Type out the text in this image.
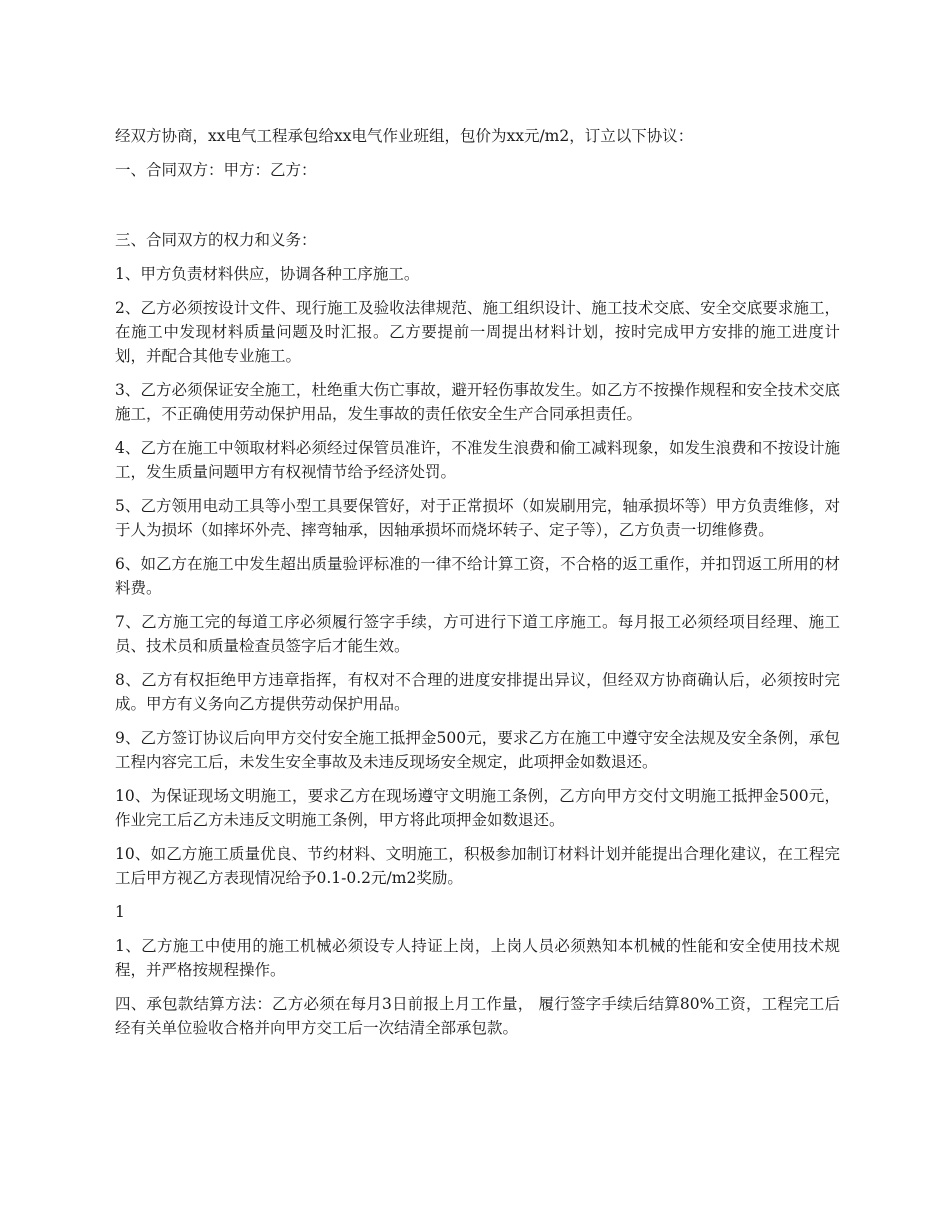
经双方协商，xx电气工程承包给xx电气作业班组，包价为xx元/m2，订立以下协议：

一、合同双方：甲方：乙方：

三、合同双方的权力和义务：

1、甲方负责材料供应，协调各种工序施工。

2、乙方必须按设计文件、现行施工及验收法律规范、施工组织设计、施工技术交底、安全交底要求施工，在施工中发现材料质量问题及时汇报。乙方要提前一周提出材料计划，按时完成甲方安排的施工进度计划，并配合其他专业施工。

3、乙方必须保证安全施工，杜绝重大伤亡事故，避开轻伤事故发生。如乙方不按操作规程和安全技术交底施工，不正确使用劳动保护用品，发生事故的责任依安全生产合同承担责任。

4、乙方在施工中领取材料必须经过保管员准许，不准发生浪费和偷工减料现象，如发生浪费和不按设计施工，发生质量问题甲方有权视情节给予经济处罚。

5、乙方领用电动工具等小型工具要保管好，对于正常损坏（如炭刷用完，轴承损坏等）甲方负责维修，对于人为损坏（如摔坏外壳、摔弯轴承，因轴承损坏而烧坏转子、定子等），乙方负责一切维修费。

6、如乙方在施工中发生超出质量验评标准的一律不给计算工资，不合格的返工重作，并扣罚返工所用的材料费。

7、乙方施工完的每道工序必须履行签字手续，方可进行下道工序施工。每月报工必须经项目经理、施工员、技术员和质量检查员签字后才能生效。

8、乙方有权拒绝甲方违章指挥，有权对不合理的进度安排提出异议，但经双方协商确认后，必须按时完成。甲方有义务向乙方提供劳动保护用品。

9、乙方签订协议后向甲方交付安全施工抵押金500元，要求乙方在施工中遵守安全法规及安全条例，承包工程内容完工后，未发生安全事故及未违反现场安全规定，此项押金如数退还。

10、为保证现场文明施工，要求乙方在现场遵守文明施工条例，乙方向甲方交付文明施工抵押金500元，作业完工后乙方未违反文明施工条例，甲方将此项押金如数退还。

10、如乙方施工质量优良、节约材料、文明施工，积极参加制订材料计划并能提出合理化建议，在工程完工后甲方视乙方表现情况给予0.1-0.2元/m2奖励。

1

1、乙方施工中使用的施工机械必须设专人持证上岗，上岗人员必须熟知本机械的性能和安全使用技术规程，并严格按规程操作。

四、承包款结算方法：乙方必须在每月3日前报上月工作量， 履行签字手续后结算80%工资，工程完工后经有关单位验收合格并向甲方交工后一次结清全部承包款。
